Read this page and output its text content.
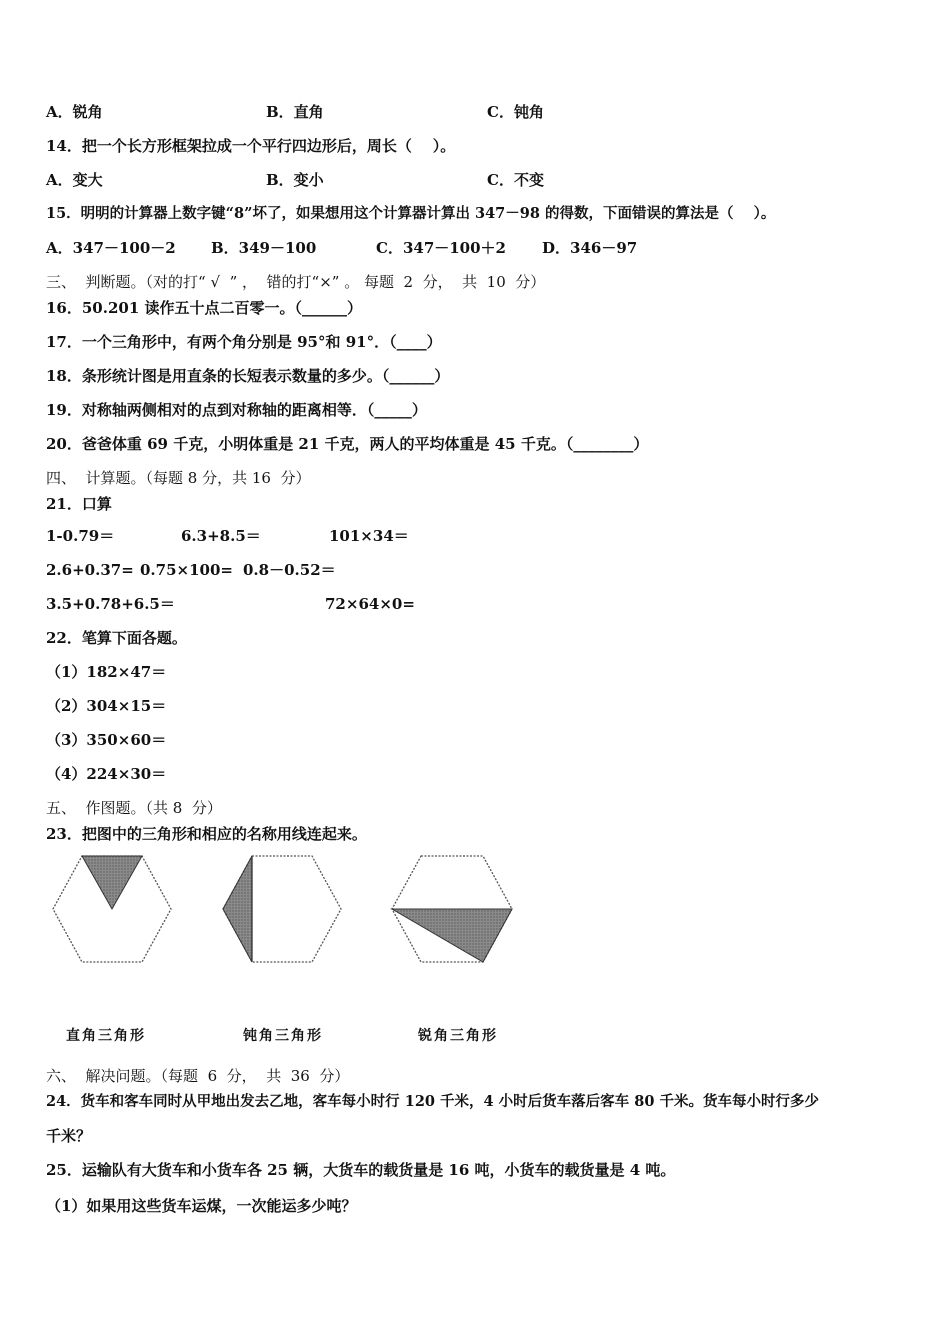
A．锐角	B．直角	C．钝角
14．把一个长方形框架拉成一个平行四边形后，周长（    ）。
A．变大	B．变小	C．不变
15．明明的计算器上数字键“8”坏了，如果想用这个计算器计算出 347－98 的得数，下面错误的算法是（    ）。
A．347－100－2 B．349－100	C．347－100＋2 D．346－97
三、  判断题。（对的打“ √  ” ，  错的打“×” 。 每题  2  分，  共  10  分）
16．50.201 读作五十点二百零一。（______）
17．一个三角形中，有两个角分别是 95°和 91°．（____）
18．条形统计图是用直条的长短表示数量的多少。（______）
19．对称轴两侧相对的点到对称轴的距离相等．（_____）
20．爸爸体重 69 千克，小明体重是 21 千克，两人的平均体重是 45 千克。（________）
四、  计算题。（每题 8 分，共 16  分）
21．口算
1-0.79＝	6.3+8.5＝	101×34＝
2.6+0.37= 0.75×100= 0.8－0.52＝
3.5+0.78+6.5＝	72×64×0=
22．笔算下面各题。
（1）182×47＝
（2）304×15＝
（3）350×60＝
（4）224×30＝
五、  作图题。（共 8  分）
23．把图中的三角形和相应的名称用线连起来。
直角三角形	钝角三角形	锐角三角形
六、  解决问题。（每题  6  分，  共  36  分）
24．货车和客车同时从甲地出发去乙地，客车每小时行 120 千米，4 小时后货车落后客车 80 千米。货车每小时行多少
千米？
25．运输队有大货车和小货车各 25 辆，大货车的载货量是 16 吨，小货车的载货量是 4 吨。
（1）如果用这些货车运煤，一次能运多少吨？
